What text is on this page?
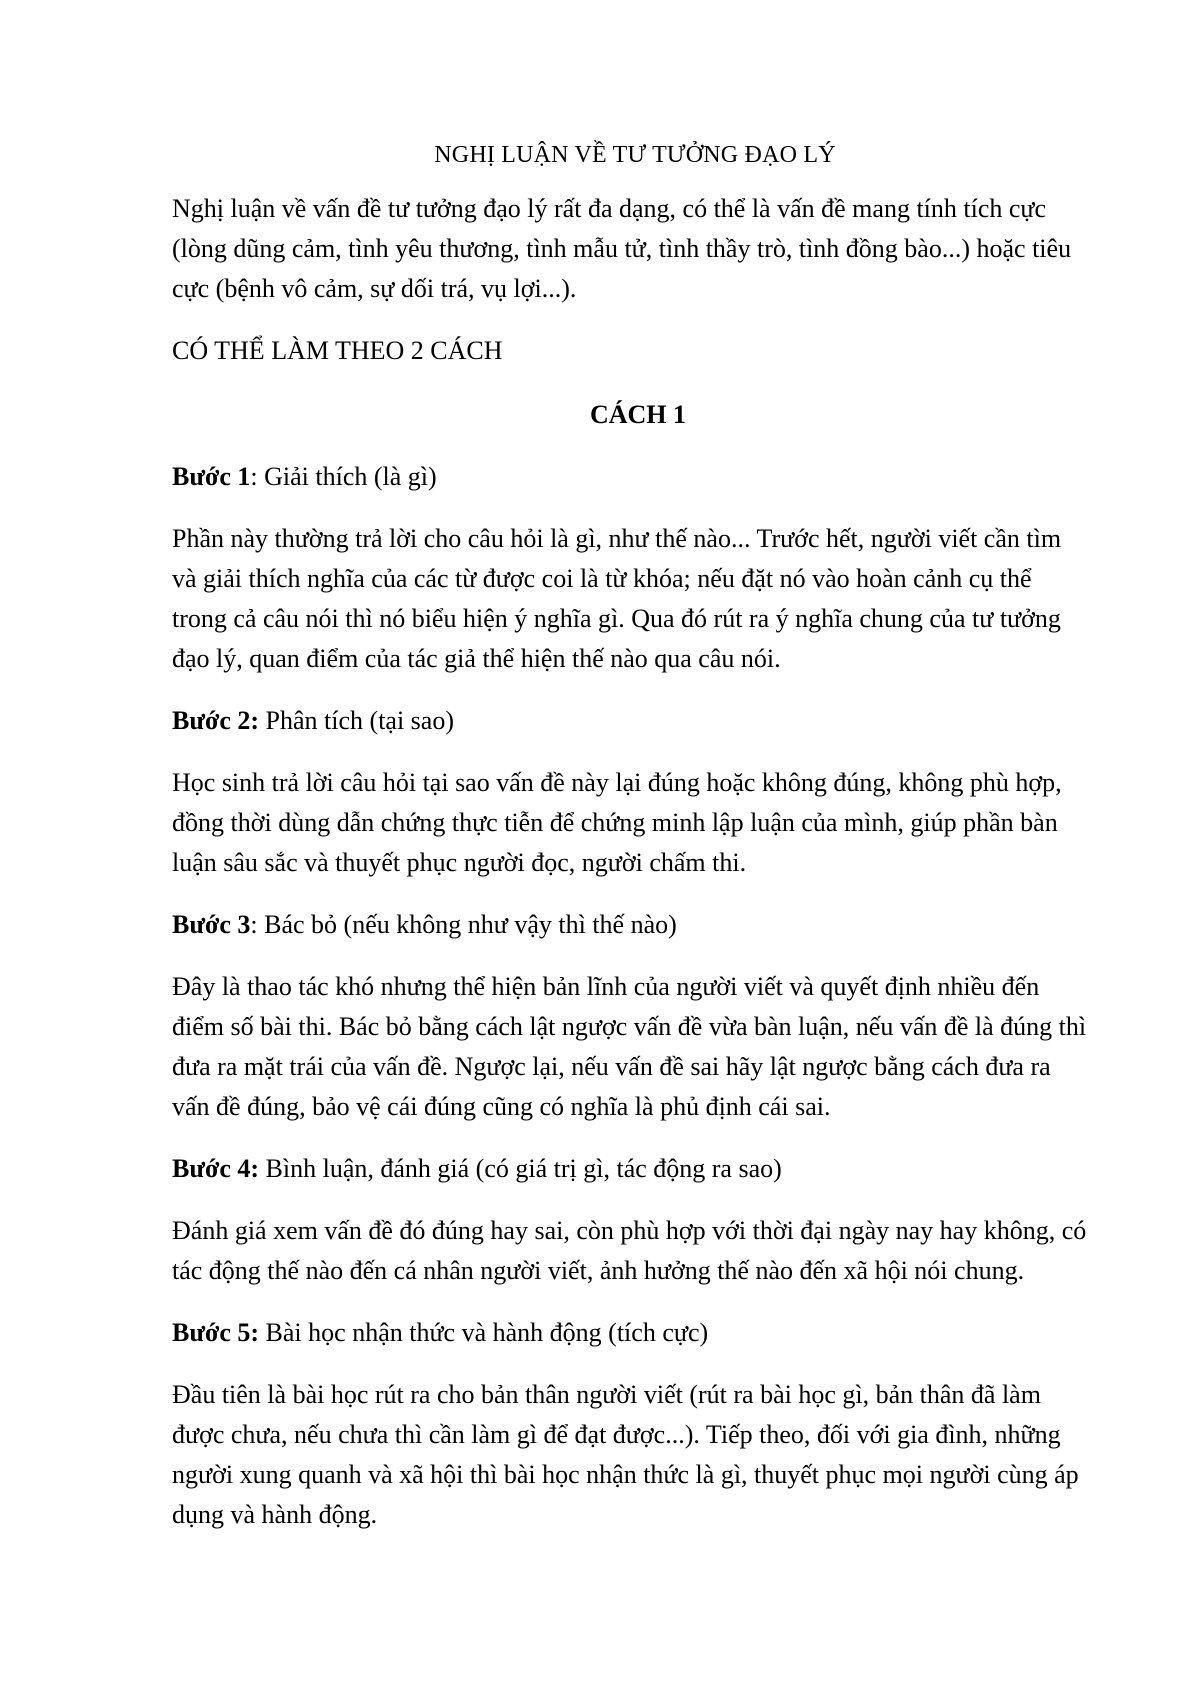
NGHỊ LUẬN VỀ TƯ TƯỞNG ĐẠO LÝ

Nghị luận về vấn đề tư tưởng đạo lý rất đa dạng, có thể là vấn đề mang tính tích cực (lòng dũng cảm, tình yêu thương, tình mẫu tử, tình thầy trò, tình đồng bào...) hoặc tiêu cực (bệnh vô cảm, sự dối trá, vụ lợi...).

CÓ THỂ LÀM THEO 2 CÁCH

CÁCH 1

Bước 1: Giải thích (là gì)

Phần này thường trả lời cho câu hỏi là gì, như thế nào... Trước hết, người viết cần tìm và giải thích nghĩa của các từ được coi là từ khóa; nếu đặt nó vào hoàn cảnh cụ thể trong cả câu nói thì nó biểu hiện ý nghĩa gì. Qua đó rút ra ý nghĩa chung của tư tưởng đạo lý, quan điểm của tác giả thể hiện thế nào qua câu nói.

Bước 2: Phân tích (tại sao)

Học sinh trả lời câu hỏi tại sao vấn đề này lại đúng hoặc không đúng, không phù hợp, đồng thời dùng dẫn chứng thực tiễn để chứng minh lập luận của mình, giúp phần bàn luận sâu sắc và thuyết phục người đọc, người chấm thi.

Bước 3: Bác bỏ (nếu không như vậy thì thế nào)

Đây là thao tác khó nhưng thể hiện bản lĩnh của người viết và quyết định nhiều đến điểm số bài thi. Bác bỏ bằng cách lật ngược vấn đề vừa bàn luận, nếu vấn đề là đúng thì đưa ra mặt trái của vấn đề. Ngược lại, nếu vấn đề sai hãy lật ngược bằng cách đưa ra vấn đề đúng, bảo vệ cái đúng cũng có nghĩa là phủ định cái sai.

Bước 4: Bình luận, đánh giá (có giá trị gì, tác động ra sao)

Đánh giá xem vấn đề đó đúng hay sai, còn phù hợp với thời đại ngày nay hay không, có tác động thế nào đến cá nhân người viết, ảnh hưởng thế nào đến xã hội nói chung.

Bước 5: Bài học nhận thức và hành động (tích cực)

Đầu tiên là bài học rút ra cho bản thân người viết (rút ra bài học gì, bản thân đã làm được chưa, nếu chưa thì cần làm gì để đạt được...). Tiếp theo, đối với gia đình, những người xung quanh và xã hội thì bài học nhận thức là gì, thuyết phục mọi người cùng áp dụng và hành động.
